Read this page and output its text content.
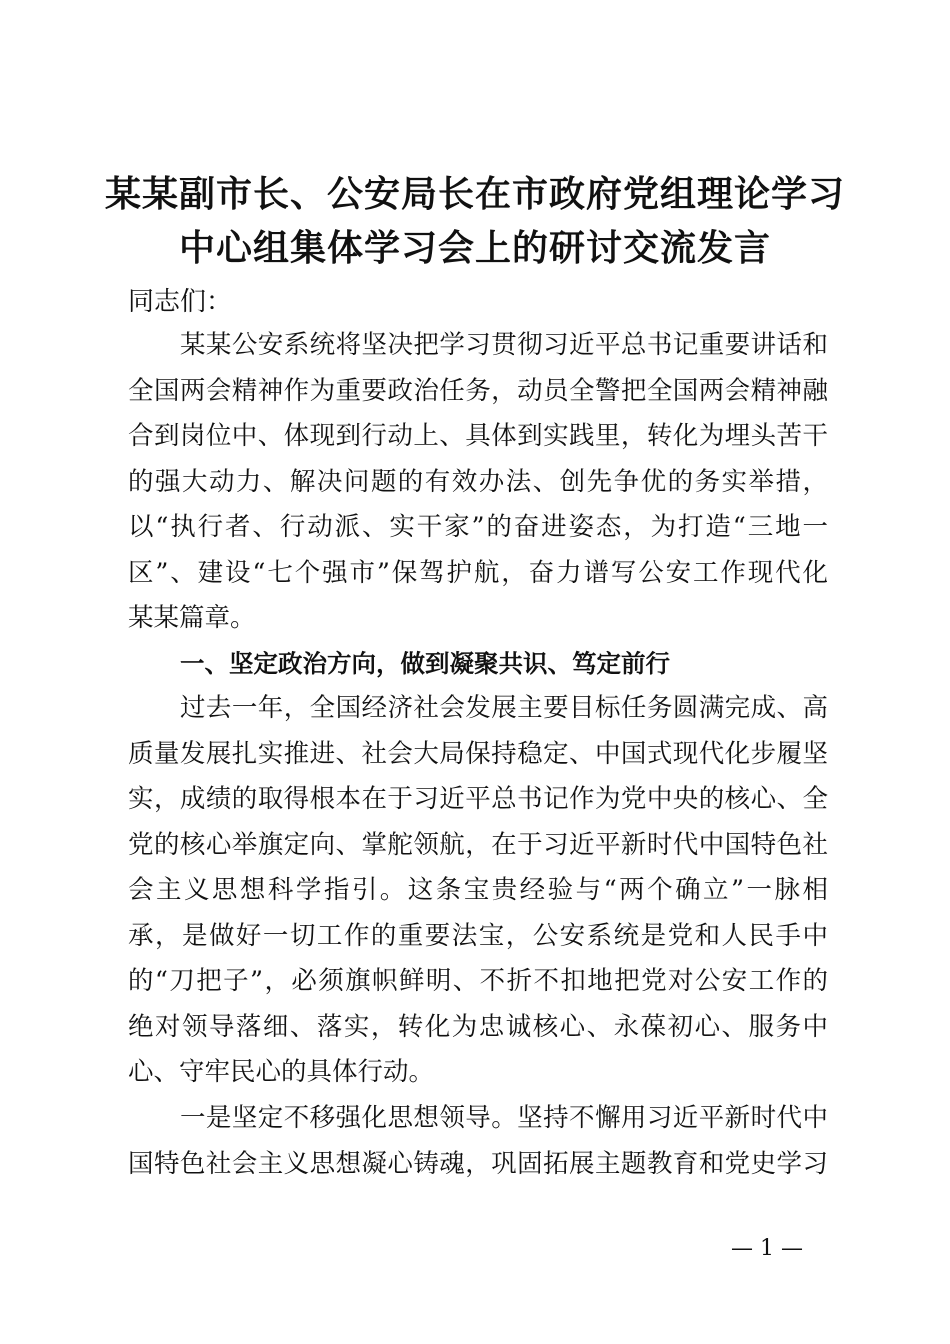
某某副市长、公安局长在市政府党组理论学习
中心组集体学习会上的研讨交流发言
同志们：
某某公安系统将坚决把学习贯彻习近平总书记重要讲话和
全国两会精神作为重要政治任务，动员全警把全国两会精神融
合到岗位中、体现到行动上、具体到实践里，转化为埋头苦干
的强大动力、解决问题的有效办法、创先争优的务实举措，
以“执行者、行动派、实干家”的奋进姿态，为打造“三地一
区”、建设“七个强市”保驾护航，奋力谱写公安工作现代化
某某篇章。
一、坚定政治方向，做到凝聚共识、笃定前行
过去一年，全国经济社会发展主要目标任务圆满完成、高
质量发展扎实推进、社会大局保持稳定、中国式现代化步履坚
实，成绩的取得根本在于习近平总书记作为党中央的核心、全
党的核心举旗定向、掌舵领航，在于习近平新时代中国特色社
会主义思想科学指引。这条宝贵经验与“两个确立”一脉相
承，是做好一切工作的重要法宝，公安系统是党和人民手中
的“刀把子”，必须旗帜鲜明、不折不扣地把党对公安工作的
绝对领导落细、落实，转化为忠诚核心、永葆初心、服务中
心、守牢民心的具体行动。
一是坚定不移强化思想领导。坚持不懈用习近平新时代中
国特色社会主义思想凝心铸魂，巩固拓展主题教育和党史学习
— 1 —
